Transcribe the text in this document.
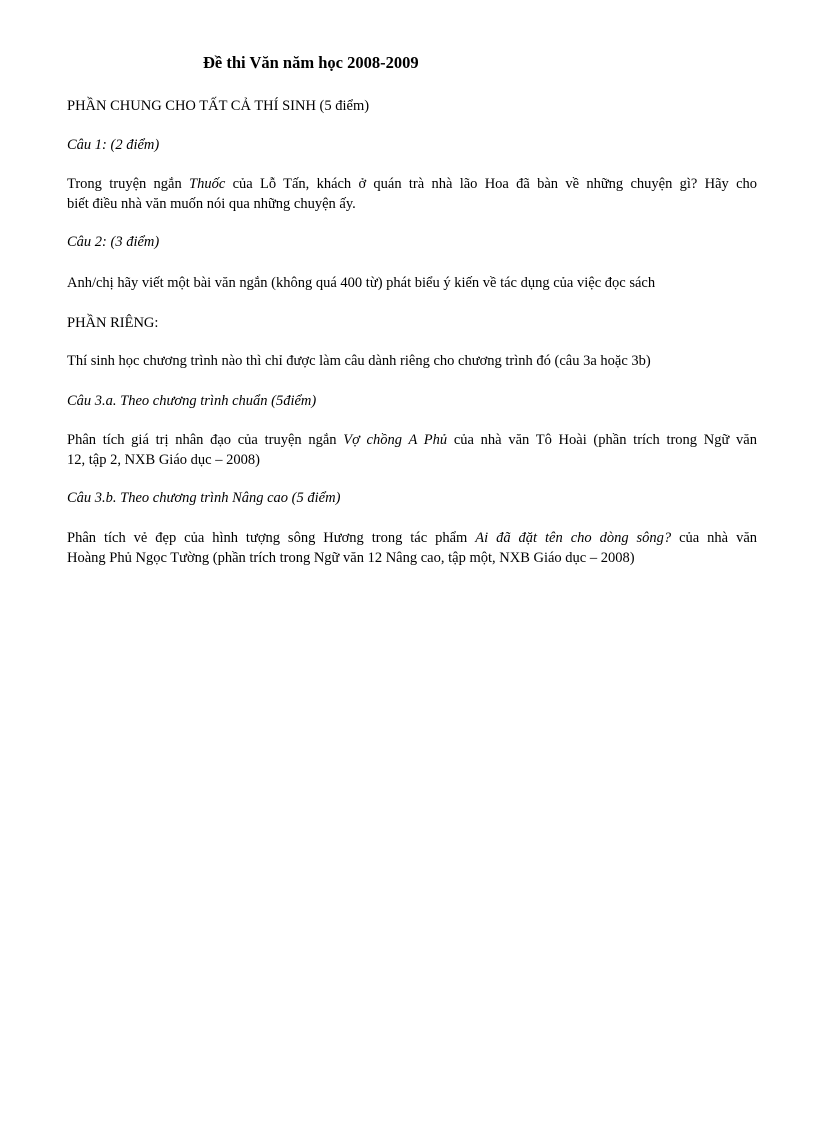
Đề thi Văn năm học 2008-2009
PHẦN CHUNG CHO TẤT CẢ THÍ SINH (5 điểm)
Câu 1: (2 điểm)
Trong truyện ngắn Thuốc của Lỗ Tấn, khách ở quán trà nhà lão Hoa đã bàn về những chuyện gì? Hãy cho
biết điều nhà văn muốn nói qua những chuyện ấy.
Câu 2: (3 điểm)
Anh/chị hãy viết một bài văn ngắn (không quá 400 từ) phát biểu ý kiến về tác dụng của việc đọc sách
PHẦN RIÊNG:
Thí sinh học chương trình nào thì chỉ được làm câu dành riêng cho chương trình đó (câu 3a hoặc 3b)
Câu 3.a. Theo chương trình chuẩn (5điểm)
Phân tích giá trị nhân đạo của truyện ngắn Vợ chồng A Phủ của nhà văn Tô Hoài (phần trích trong Ngữ văn
12, tập 2, NXB Giáo dục – 2008)
Câu 3.b. Theo chương trình Nâng cao (5 điểm)
Phân tích vẻ đẹp của hình tượng sông Hương trong tác phẩm Ai đã đặt tên cho dòng sông? của nhà văn
Hoàng Phủ Ngọc Tường (phần trích trong Ngữ văn 12 Nâng cao, tập một, NXB Giáo dục – 2008)
